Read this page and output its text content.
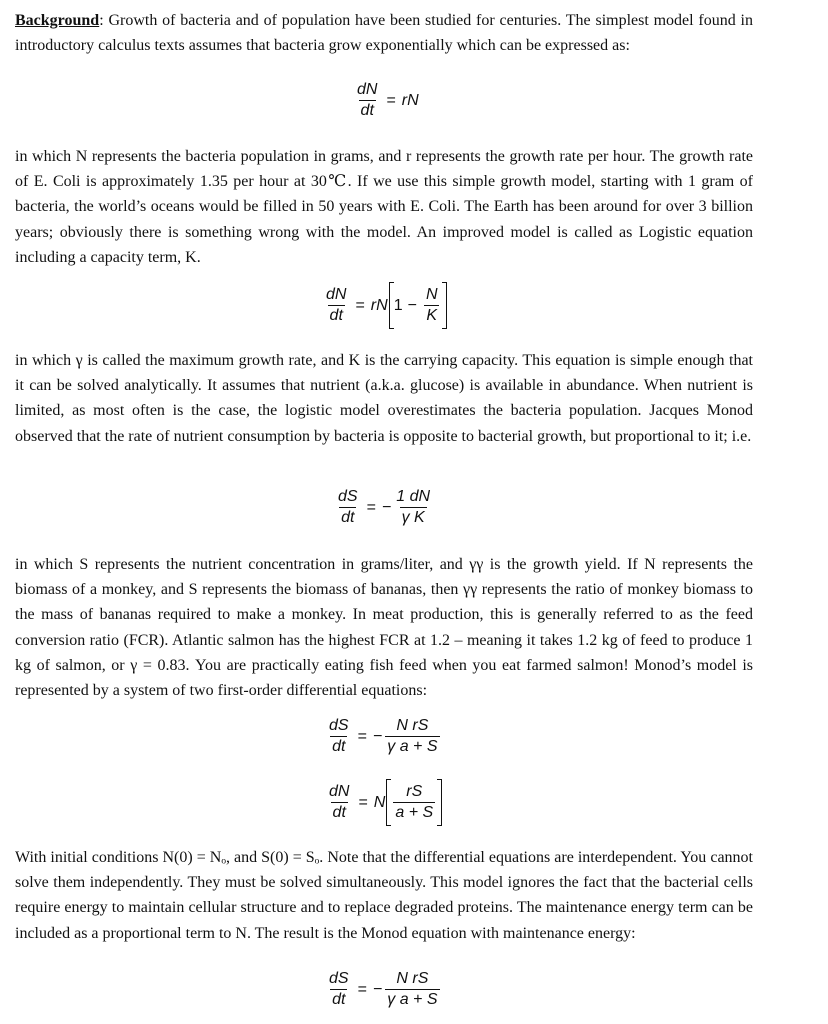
Background: Growth of bacteria and of population have been studied for centuries. The simplest model found in introductory calculus texts assumes that bacteria grow exponentially which can be expressed as:

$\frac{dN}{dt}$ = rN

in which N represents the bacteria population in grams, and r represents the growth rate per hour. The growth rate of E. Coli is approximately 1.35 per hour at 30℃. If we use this simple growth model, starting with 1 gram of bacteria, the world’s oceans would be filled in 50 years with E. Coli. The Earth has been around for over 3 billion years; obviously there is something wrong with the model. An improved model is called as Logistic equation including a capacity term, K.

$\frac{dN}{dt}$ = rN $1 - \frac{N}{K}$

in which γ is called the maximum growth rate, and K is the carrying capacity. This equation is simple enough that it can be solved analytically. It assumes that nutrient (a.k.a. glucose) is available in abundance. When nutrient is limited, as most often is the case, the logistic model overestimates the bacteria population. Jacques Monod observed that the rate of nutrient consumption by bacteria is opposite to bacterial growth, but proportional to it; i.e.

$\frac{dS}{dt}$ = − $\frac{1 dN}{\text{γ K}}$

in which S represents the nutrient concentration in grams/liter, and γγ is the growth yield. If N represents the biomass of a monkey, and S represents the biomass of bananas, then γγ represents the ratio of monkey biomass to the mass of bananas required to make a monkey. In meat production, this is generally referred to as the feed conversion ratio (FCR). Atlantic salmon has the highest FCR at 1.2 – meaning it takes 1.2 kg of feed to produce 1 kg of salmon, or γ = 0.83. You are practically eating fish feed when you eat farmed salmon! Monod’s model is represented by a system of two first-order differential equations:

$\frac{dS}{dt}$ = − $\frac{\text{N rS}}{\text{γ a + S}}$
$\frac{dN}{dt} = N \frac{rS}{a + S}$

With initial conditions N(0) = Nₒ, and S(0) = Sₒ. Note that the differential equations are interdependent. You cannot solve them independently. They must be solved simultaneously. This model ignores the fact that the bacterial cells require energy to maintain cellular structure and to replace degraded proteins. The maintenance energy term can be included as a proportional term to N. The result is the Monod equation with maintenance energy:

$\frac{dS}{dt}$ = − $\frac{\text{N rS}}{\text{γ a + S}}$
